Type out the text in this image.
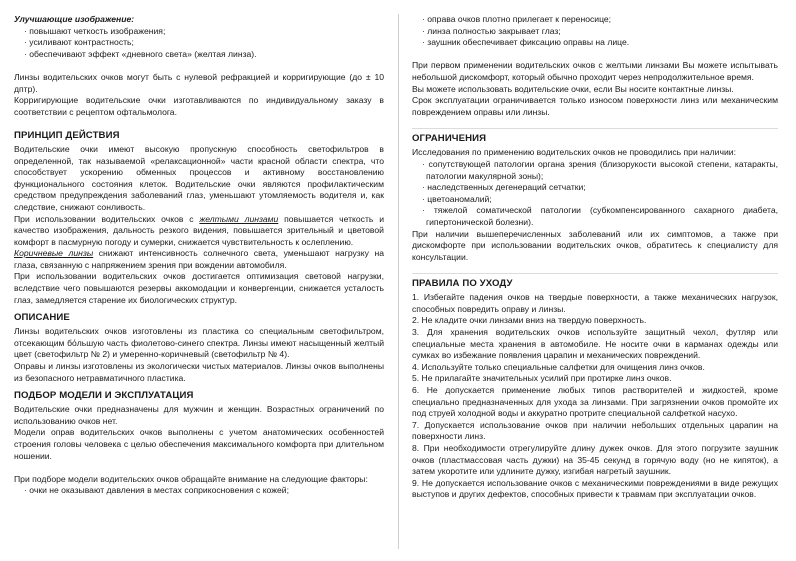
Улучшающие изображение:

· повышают четкость изображения;

· усиливают контрастность;

· обеспечивают эффект «дневного света» (желтая линза).

Линзы водительских очков могут быть с нулевой рефракцией и корригирующие (до ± 10 дптр).

Корригирующие водительские очки изготавливаются по индивидуальному заказу в соответствии с рецептом офтальмолога.

ПРИНЦИП ДЕЙСТВИЯ

Водительские очки имеют высокую пропускную способность светофильтров в определенной, так называемой «релаксационной» части красной области спектра, что способствует ускорению обменных процессов и активному восстановлению функционального состояния клеток. Водительские очки являются профилактическим средством предупреждения заболеваний глаз, уменьшают утомляемость водителя и, как следствие, снижают сонливость.

При использовании водительских очков с желтыми линзами повышается четкость и качество изображения, дальность резкого видения, повышается зрительный и цветовой комфорт в пасмурную погоду и сумерки, снижается чувствительность к ослеплению.

Коричневые линзы снижают интенсивность солнечного света, уменьшают нагрузку на глаза, связанную с напряжением зрения при вождении автомобиля.

При использовании водительских очков достигается оптимизация световой нагрузки, вследствие чего повышаются резервы аккомодации и конвергенции, снижается усталость глаз, замедляется старение их биологических структур.

ОПИСАНИЕ

Линзы водительских очков изготовлены из пластика со специальным светофильтром, отсекающим бόльшую часть фиолетово-синего спектра. Линзы имеют насыщенный желтый цвет (светофильтр № 2) и умеренно-коричневый (светофильтр № 4).

Оправы и линзы изготовлены из экологически чистых материалов. Линзы очков выполнены из безопасного нетравматичного пластика.

ПОДБОР МОДЕЛИ И ЭКСПЛУАТАЦИЯ

Водительские очки предназначены для мужчин и женщин. Возрастных ограничений по использованию очков нет.

Модели оправ водительских очков выполнены с учетом анатомических особенностей строения головы человека с целью обеспечения максимального комфорта при длительном ношении.

При подборе модели водительских очков обращайте внимание на следующие факторы:

· очки не оказывают давления в местах соприкосновения с кожей;

· оправа очков плотно прилегает к переносице;

· линза полностью закрывает глаз;

· заушник обеспечивает фиксацию оправы на лице.

При первом применении водительских очков с желтыми линзами Вы можете испытывать небольшой дискомфорт, который обычно проходит через непродолжительное время.

Вы можете использовать водительские очки, если Вы носите контактные линзы.

Срок эксплуатации ограничивается только износом поверхности линз или механическим повреждением оправы или линзы.

ОГРАНИЧЕНИЯ

Исследования по применению водительских очков не проводились при наличии:

· сопутствующей патологии органа зрения (близорукости высокой степени, катаракты, патологии макулярной зоны);

· наследственных дегенераций сетчатки;

· цветоаномалий;

· тяжелой соматической патологии (субкомпенсированного сахарного диабета, гипертонической болезни).

При наличии вышеперечисленных заболеваний или их симптомов, а также при дискомфорте при использовании водительских очков, обратитесь к специалисту для консультации.

ПРАВИЛА ПО УХОДУ

1. Избегайте падения очков на твердые поверхности, а также механических нагрузок, способных повредить оправу и линзы.

2. Не кладите очки линзами вниз на твердую поверхность.

3. Для хранения водительских очков используйте защитный чехол, футляр или специальные места хранения в автомобиле. Не носите очки в карманах одежды или сумках во избежание появления царапин и механических повреждений.

4. Используйте только специальные салфетки для очищения линз очков.

5. Не прилагайте значительных усилий при протирке линз очков.

6. Не допускается применение любых типов растворителей и жидкостей, кроме специально предназначенных для ухода за линзами. При загрязнении очков промойте их под струей холодной воды и аккуратно протрите специальной салфеткой насухо.

7. Допускается использование очков при наличии небольших отдельных царапин на поверхности линз.

8. При необходимости отрегулируйте длину дужек очков. Для этого погрузите заушник очков (пластмассовая часть дужки) на 35-45 секунд в горячую воду (но не кипяток), а затем укоротите или удлините дужку, изгибая нагретый заушник.

9. Не допускается использование очков с механическими повреждениями в виде режущих выступов и других дефектов, способных привести к травмам при эксплуатации очков.
